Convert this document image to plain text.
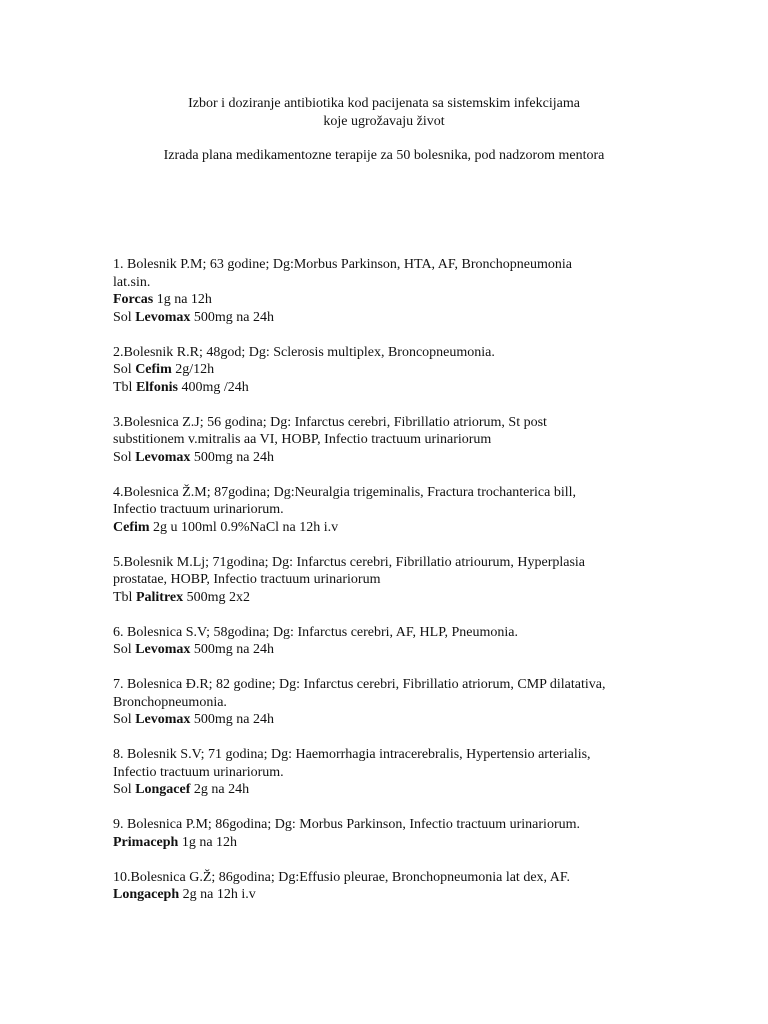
Izbor i doziranje antibiotika kod pacijenata sa sistemskim infekcijama
koje ugrožavaju život
Izrada plana medikamentozne terapije za 50 bolesnika, pod nadzorom mentora
1. Bolesnik P.M; 63 godine; Dg:Morbus Parkinson, HTA, AF, Bronchopneumonia
lat.sin.
Forcas 1g na 12h
Sol Levomax 500mg na 24h
2.Bolesnik R.R; 48god; Dg: Sclerosis multiplex, Broncopneumonia.
Sol Cefim 2g/12h
Tbl Elfonis 400mg /24h
3.Bolesnica Z.J; 56 godina; Dg: Infarctus cerebri, Fibrillatio atriorum, St post
substitionem v.mitralis aa VI, HOBP, Infectio tractuum urinariorum
Sol Levomax 500mg na 24h
4.Bolesnica Ž.M; 87godina; Dg:Neuralgia trigeminalis, Fractura trochanterica bill,
Infectio tractuum urinariorum.
Cefim 2g u 100ml 0.9%NaCl na 12h i.v
5.Bolesnik M.Lj; 71godina; Dg: Infarctus cerebri, Fibrillatio atriourum, Hyperplasia
prostatae, HOBP, Infectio tractuum urinariorum
Tbl Palitrex 500mg 2x2
6. Bolesnica S.V; 58godina; Dg: Infarctus cerebri, AF, HLP, Pneumonia.
Sol Levomax 500mg na 24h
7. Bolesnica Đ.R; 82 godine; Dg: Infarctus cerebri, Fibrillatio atriorum, CMP dilatativa,
Bronchopneumonia.
Sol Levomax 500mg na 24h
8. Bolesnik S.V; 71 godina; Dg: Haemorrhagia intracerebralis, Hypertensio arterialis,
Infectio tractuum urinariorum.
Sol Longacef 2g na 24h
9. Bolesnica P.M; 86godina; Dg: Morbus Parkinson, Infectio tractuum urinariorum.
Primaceph 1g na 12h
10.Bolesnica G.Ž; 86godina; Dg:Effusio pleurae, Bronchopneumonia lat dex, AF.
Longaceph 2g na 12h i.v
